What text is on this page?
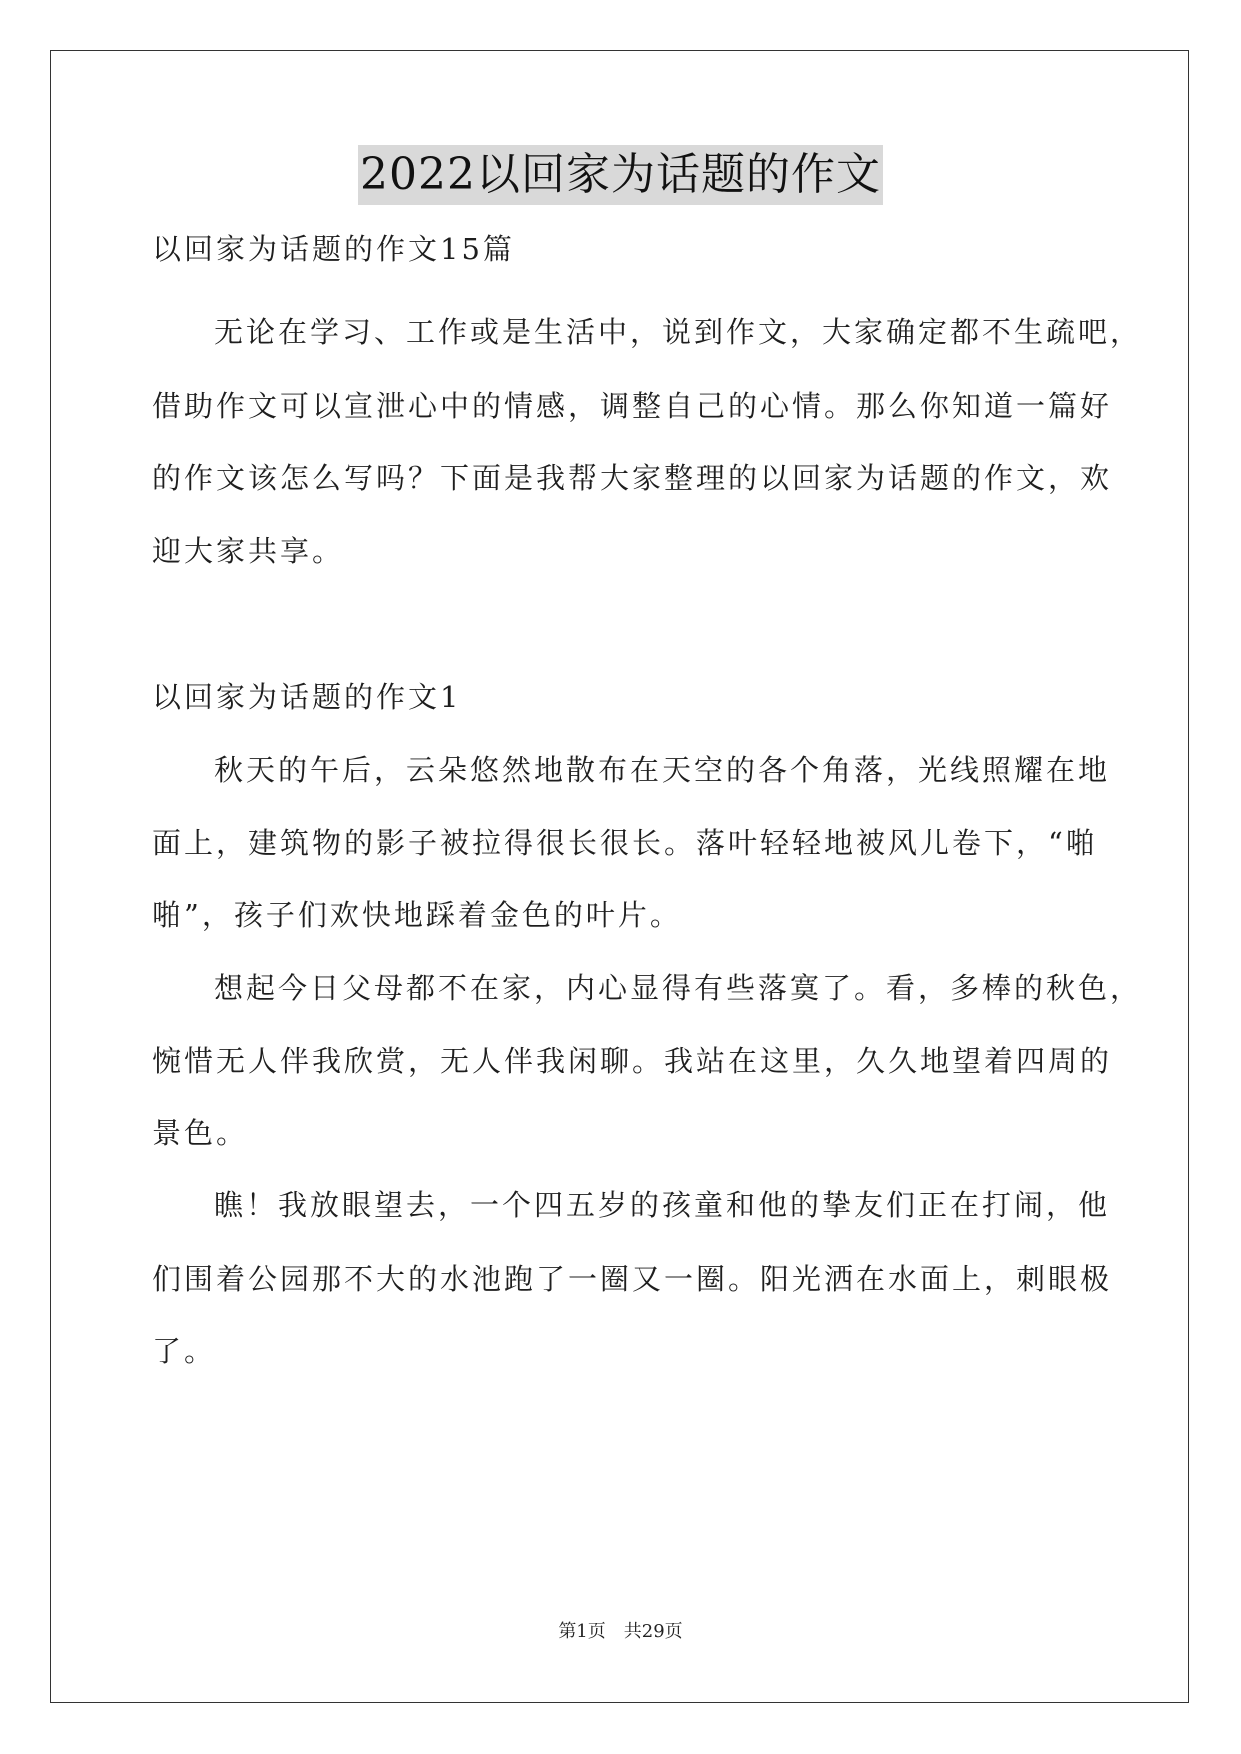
2022以回家为话题的作文
以回家为话题的作文15篇
无论在学习、工作或是生活中，说到作文，大家确定都不生疏吧，
借助作文可以宣泄心中的情感，调整自己的心情。那么你知道一篇好
的作文该怎么写吗？下面是我帮大家整理的以回家为话题的作文，欢
迎大家共享。
以回家为话题的作文1
秋天的午后，云朵悠然地散布在天空的各个角落，光线照耀在地
面上，建筑物的影子被拉得很长很长。落叶轻轻地被风儿卷下，“啪
啪”，孩子们欢快地踩着金色的叶片。
想起今日父母都不在家，内心显得有些落寞了。看，多棒的秋色，
惋惜无人伴我欣赏，无人伴我闲聊。我站在这里，久久地望着四周的
景色。
瞧！我放眼望去，一个四五岁的孩童和他的挚友们正在打闹，他
们围着公园那不大的水池跑了一圈又一圈。阳光洒在水面上，刺眼极
了。
第1页 共29页
